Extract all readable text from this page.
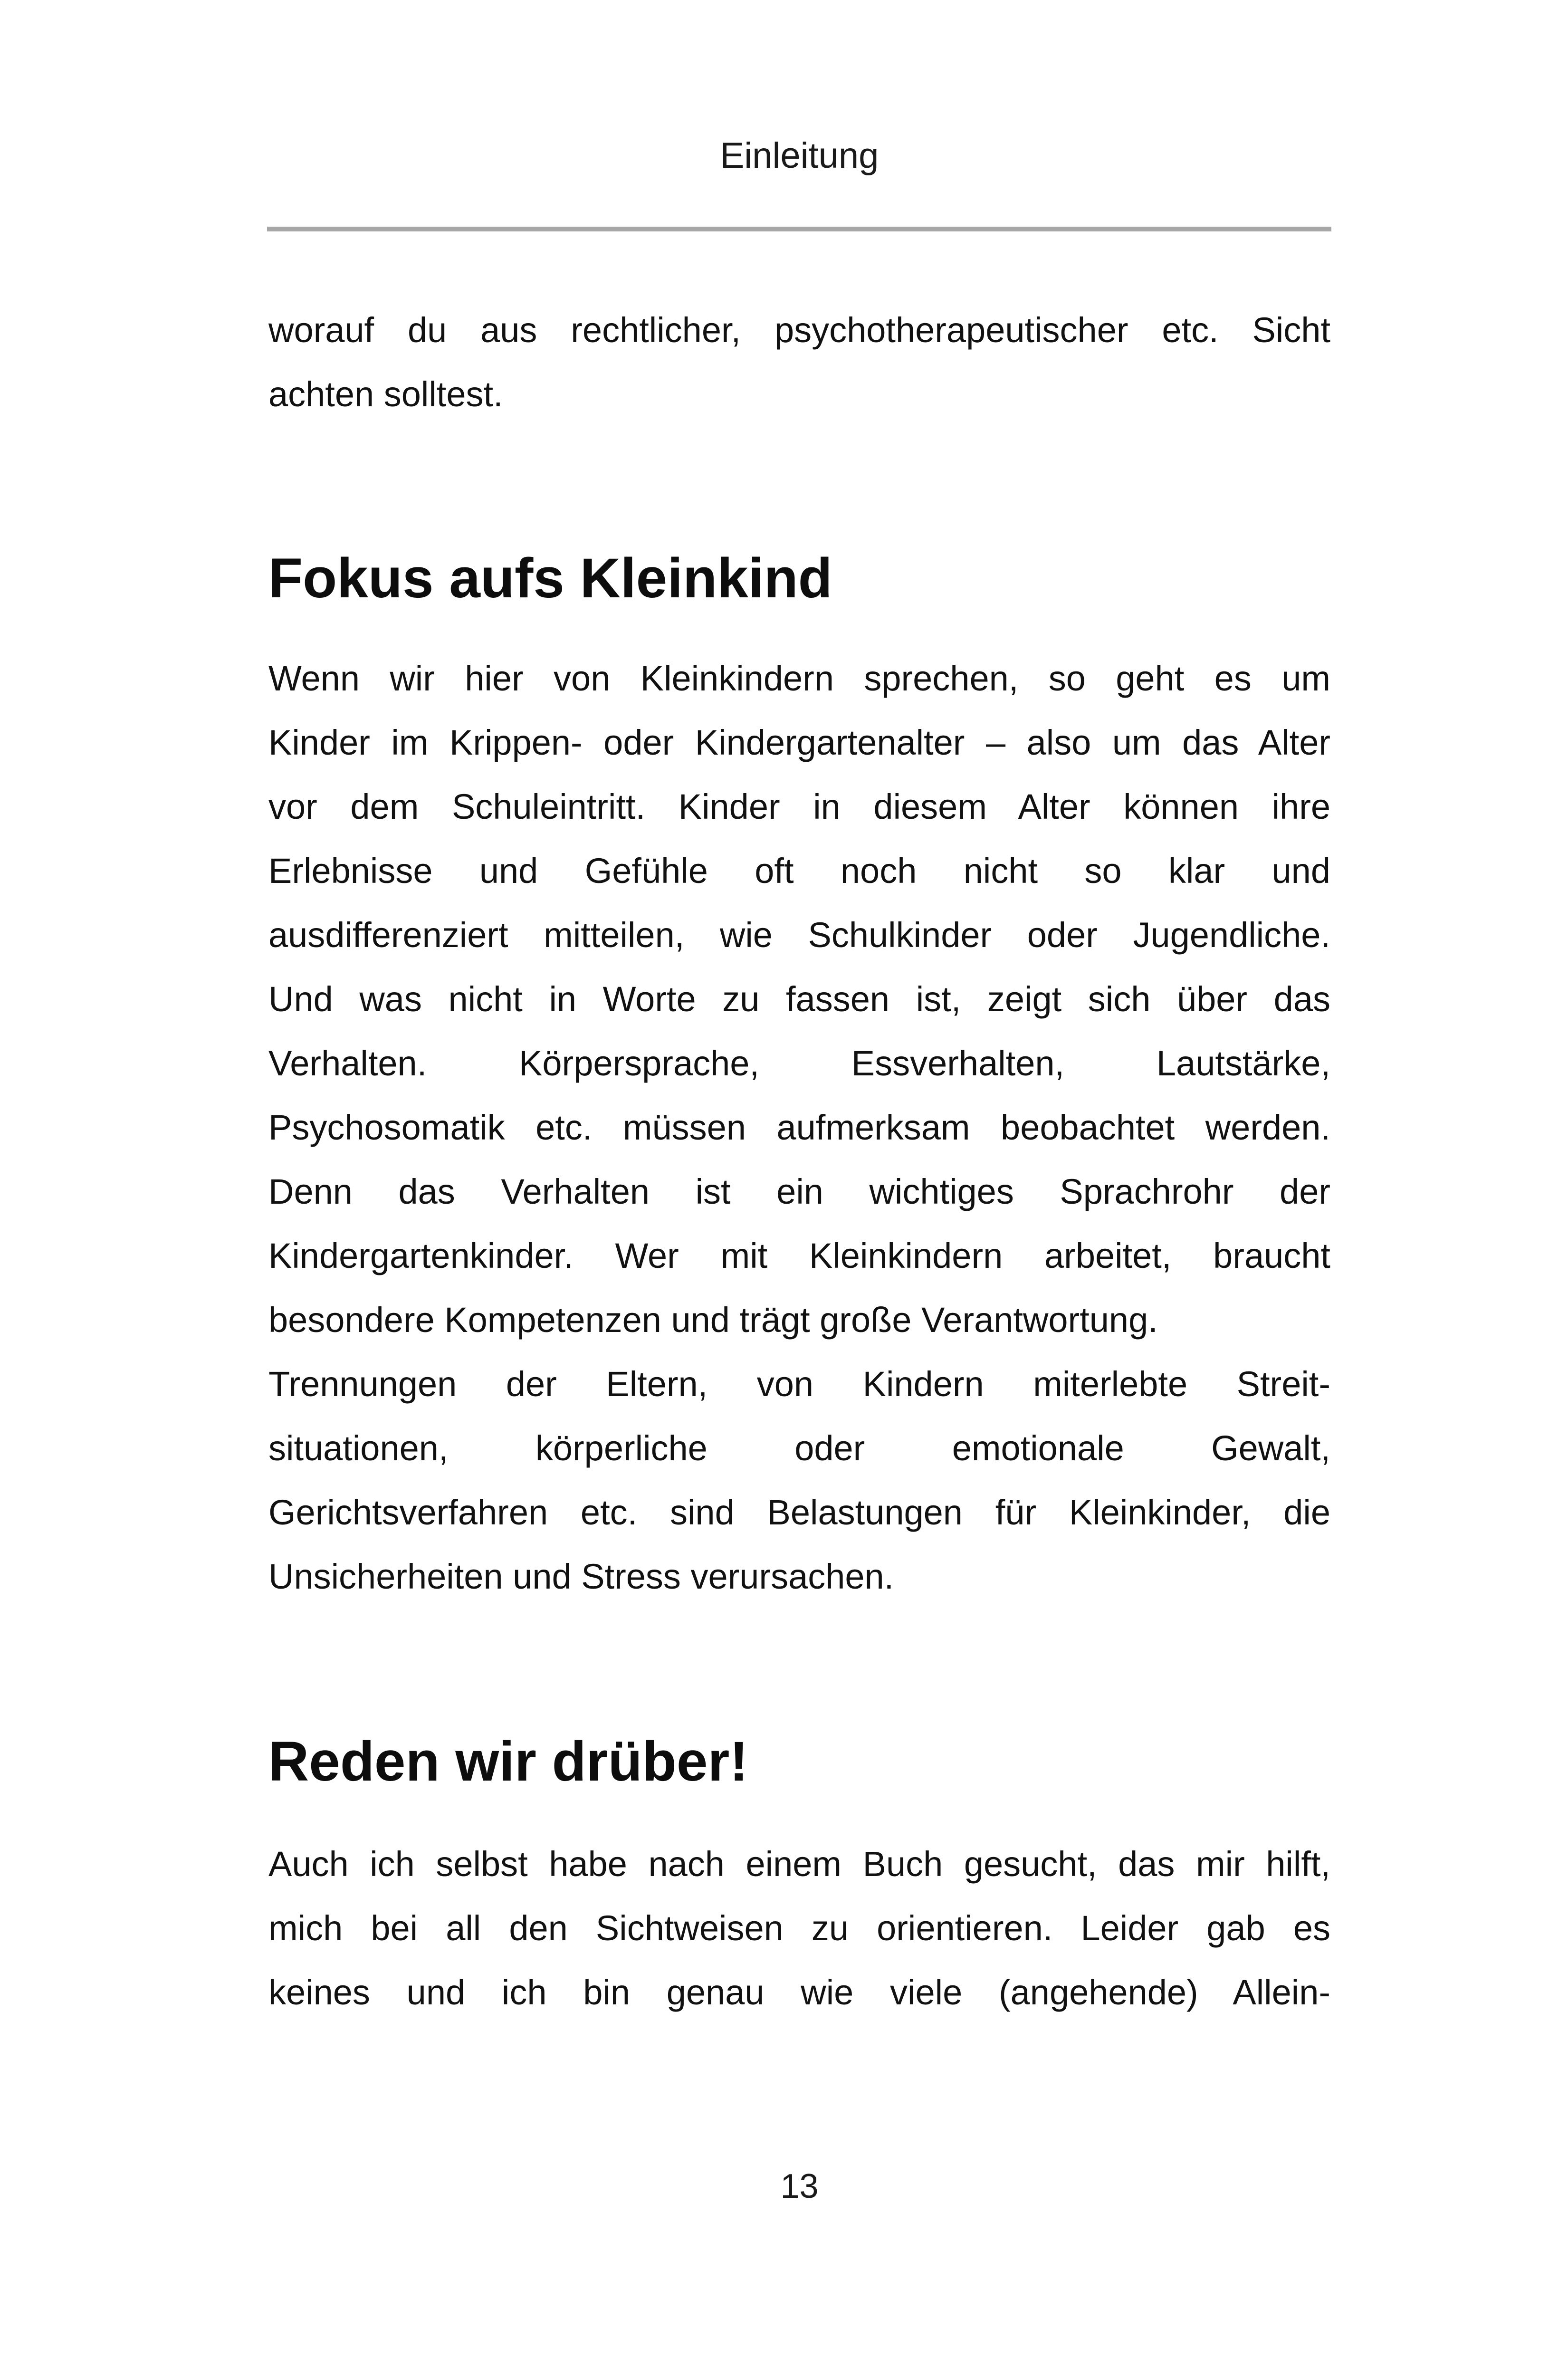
Einleitung
worauf du aus rechtlicher, psychotherapeutischer etc. Sicht
achten solltest.
Fokus aufs Kleinkind
Wenn wir hier von Kleinkindern sprechen, so geht es um
Kinder im Krippen- oder Kindergartenalter – also um das Alter
vor dem Schuleintritt. Kinder in diesem Alter können ihre
Erlebnisse und Gefühle oft noch nicht so klar und
ausdifferenziert mitteilen, wie Schulkinder oder Jugendliche.
Und was nicht in Worte zu fassen ist, zeigt sich über das
Verhalten. Körpersprache, Essverhalten, Lautstärke,
Psychosomatik etc. müssen aufmerksam beobachtet werden.
Denn das Verhalten ist ein wichtiges Sprachrohr der
Kindergartenkinder. Wer mit Kleinkindern arbeitet, braucht
besondere Kompetenzen und trägt große Verantwortung.
Trennungen der Eltern, von Kindern miterlebte Streit-
situationen, körperliche oder emotionale Gewalt,
Gerichtsverfahren etc. sind Belastungen für Kleinkinder, die
Unsicherheiten und Stress verursachen.
Reden wir drüber!
Auch ich selbst habe nach einem Buch gesucht, das mir hilft,
mich bei all den Sichtweisen zu orientieren. Leider gab es
keines und ich bin genau wie viele (angehende) Allein-
13
